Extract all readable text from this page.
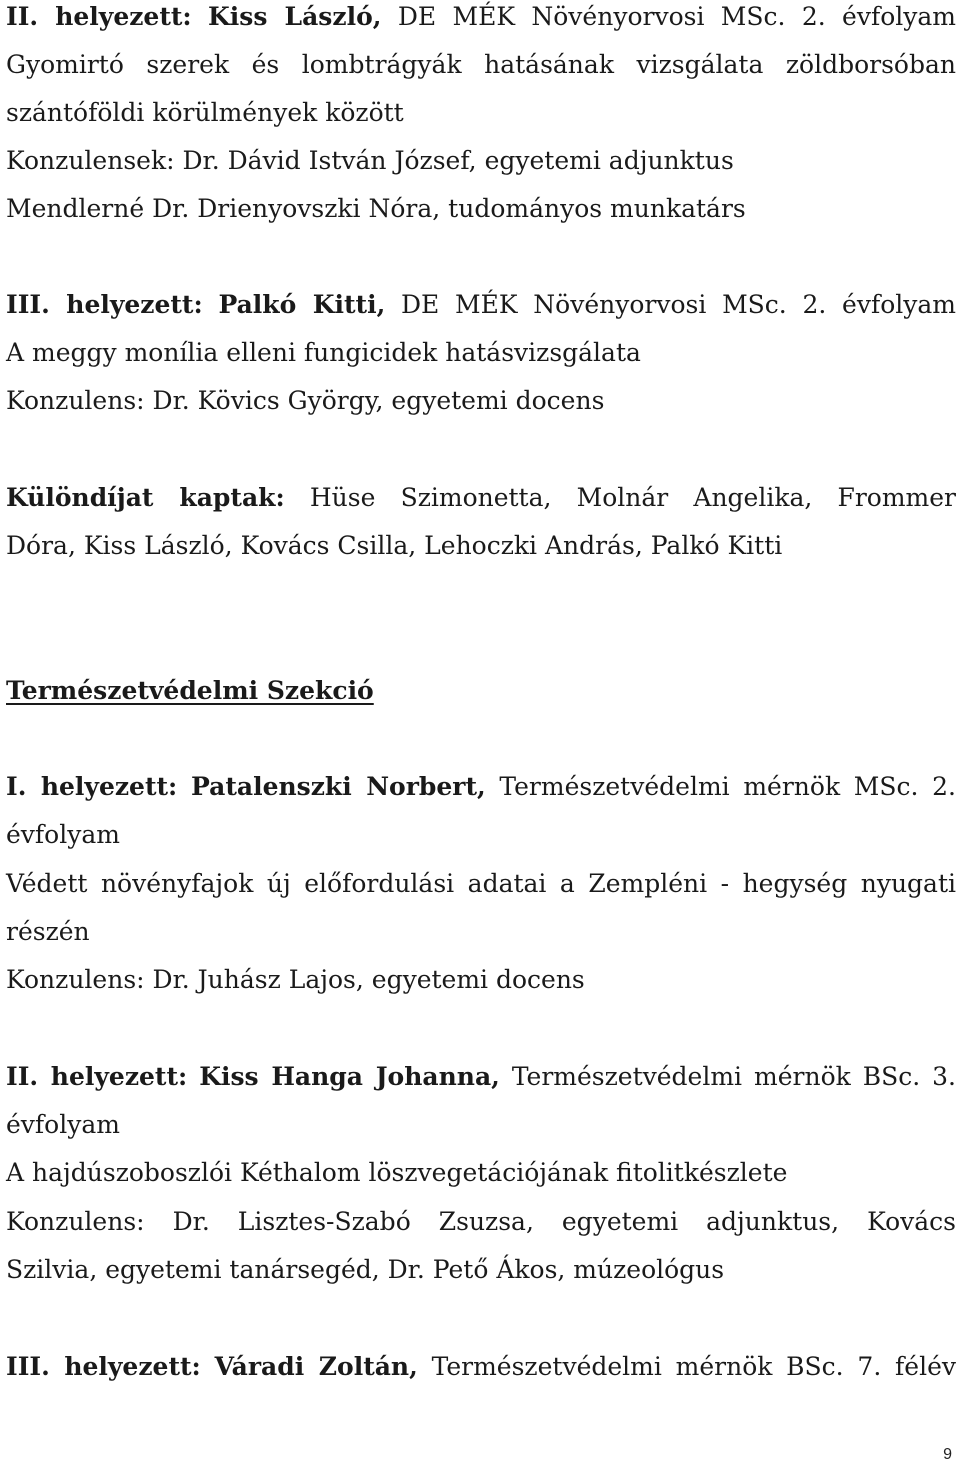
II. helyezett: Kiss László, DE MÉK Növényorvosi MSc. 2. évfolyam
Gyomirtó szerek és lombtrágyák hatásának vizsgálata zöldborsóban
szántóföldi körülmények között
Konzulensek: Dr. Dávid István József, egyetemi adjunktus
Mendlerné Dr. Drienyovszki Nóra, tudományos munkatárs
III. helyezett: Palkó Kitti, DE MÉK Növényorvosi MSc. 2. évfolyam
A meggy monília elleni fungicidek hatásvizsgálata
Konzulens: Dr. Kövics György, egyetemi docens
Különdíjat kaptak: Hüse Szimonetta, Molnár Angelika, Frommer
Dóra, Kiss László, Kovács Csilla, Lehoczki András, Palkó Kitti
Természetvédelmi Szekció
I. helyezett: Patalenszki Norbert, Természetvédelmi mérnök MSc. 2.
évfolyam
Védett növényfajok új előfordulási adatai a Zempléni - hegység nyugati
részén
Konzulens: Dr. Juhász Lajos, egyetemi docens
II. helyezett: Kiss Hanga Johanna, Természetvédelmi mérnök BSc. 3.
évfolyam
A hajdúszoboszlói Kéthalom löszvegetációjának fitolitkészlete
Konzulens: Dr. Lisztes-Szabó Zsuzsa, egyetemi adjunktus, Kovács
Szilvia, egyetemi tanársegéd, Dr. Pető Ákos, múzeológus
III. helyezett: Váradi Zoltán, Természetvédelmi mérnök BSc. 7. félév
9
